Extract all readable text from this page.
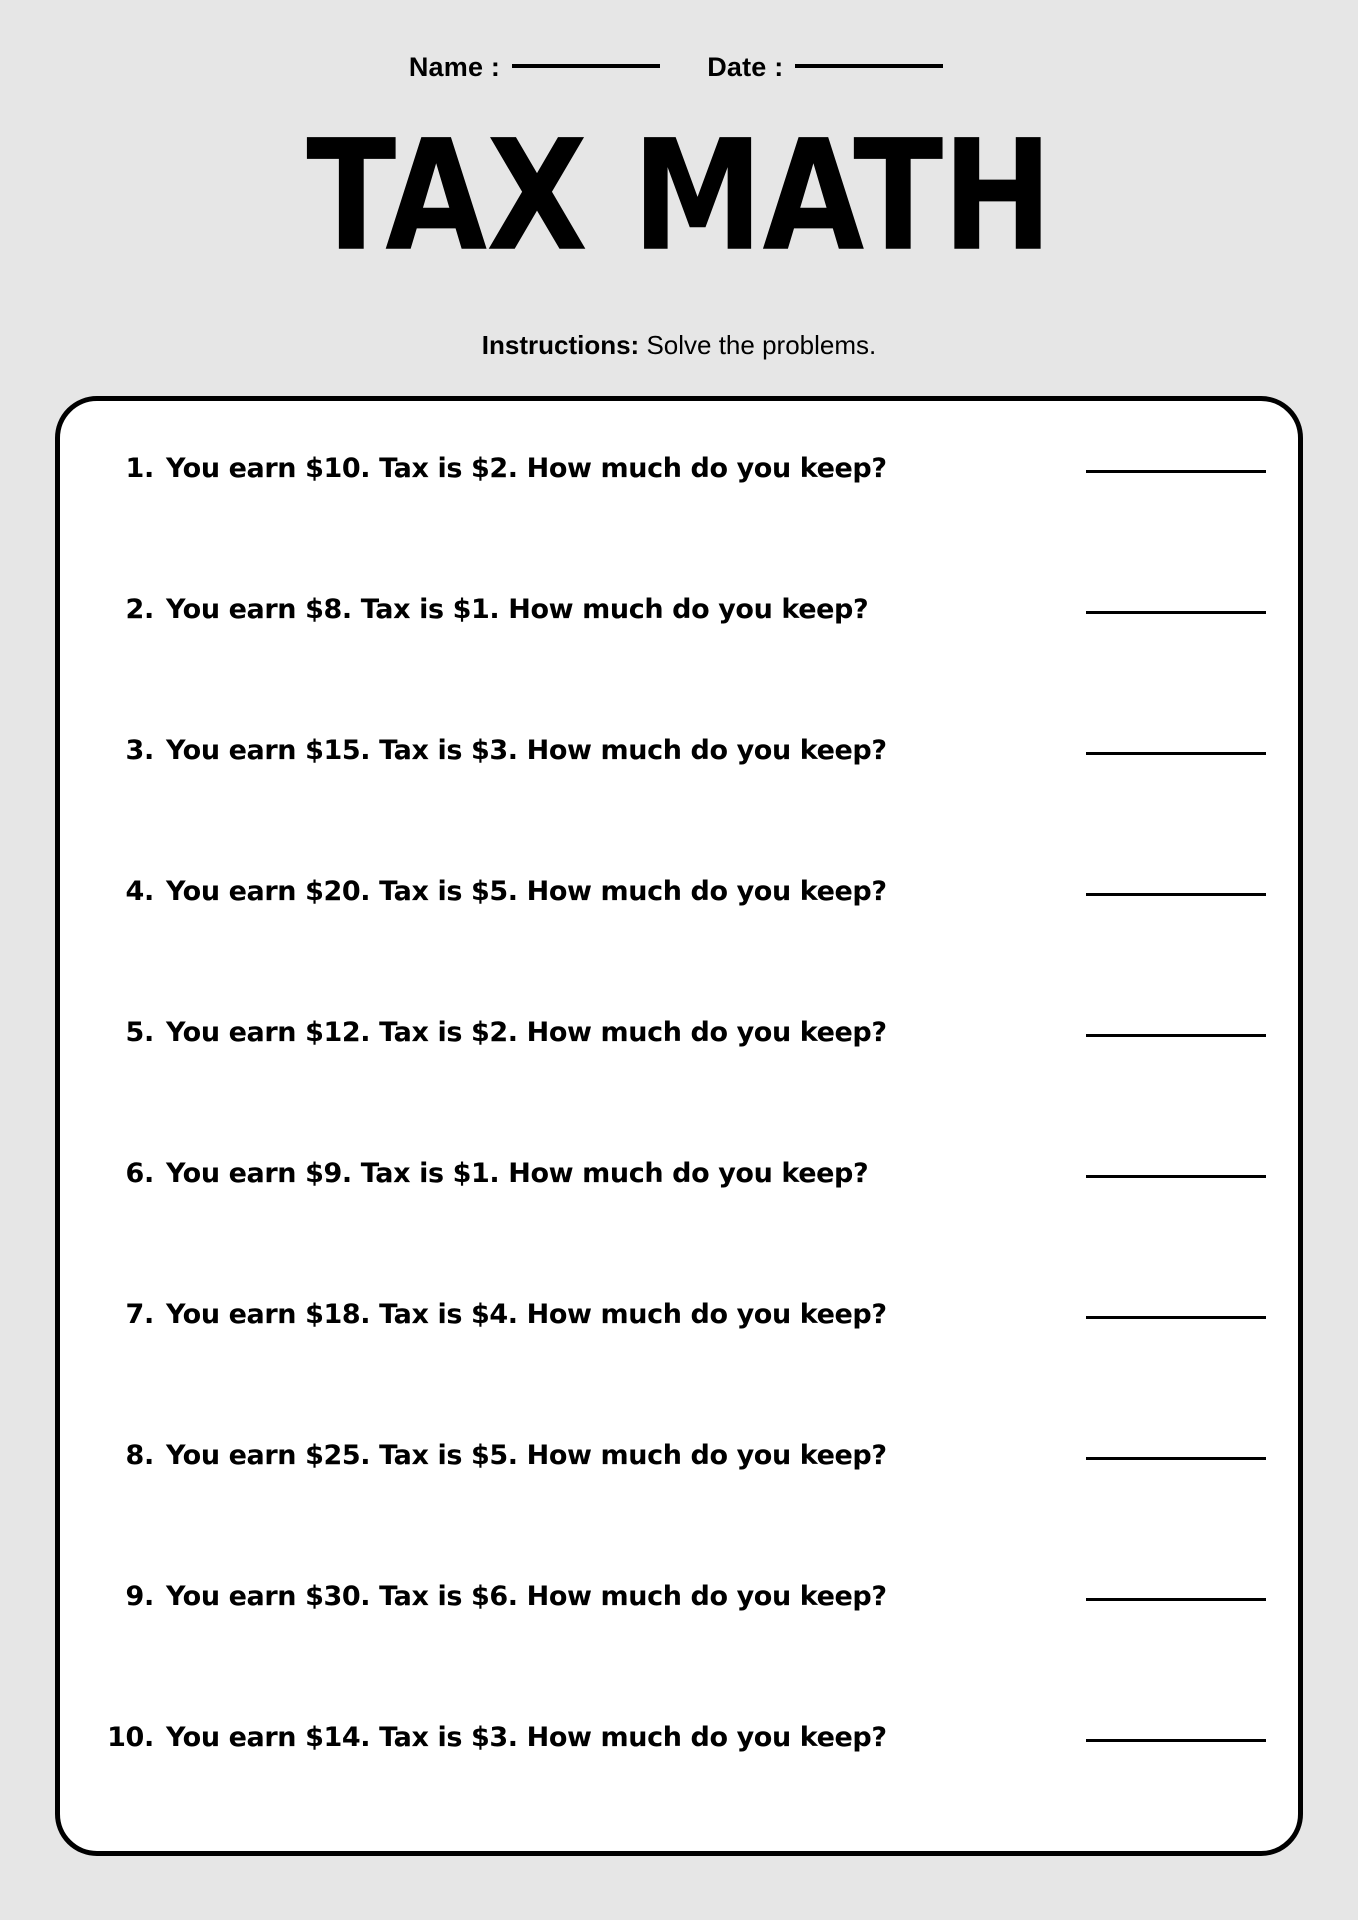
Name :	Date :
TAX MATH
Instructions: Solve the problems.
1. You earn $10. Tax is $2. How much do you keep?
2. You earn $8. Tax is $1. How much do you keep?
3. You earn $15. Tax is $3. How much do you keep?
4. You earn $20. Tax is $5. How much do you keep?
5. You earn $12. Tax is $2. How much do you keep?
6. You earn $9. Tax is $1. How much do you keep?
7. You earn $18. Tax is $4. How much do you keep?
8. You earn $25. Tax is $5. How much do you keep?
9. You earn $30. Tax is $6. How much do you keep?
10. You earn $14. Tax is $3. How much do you keep?
